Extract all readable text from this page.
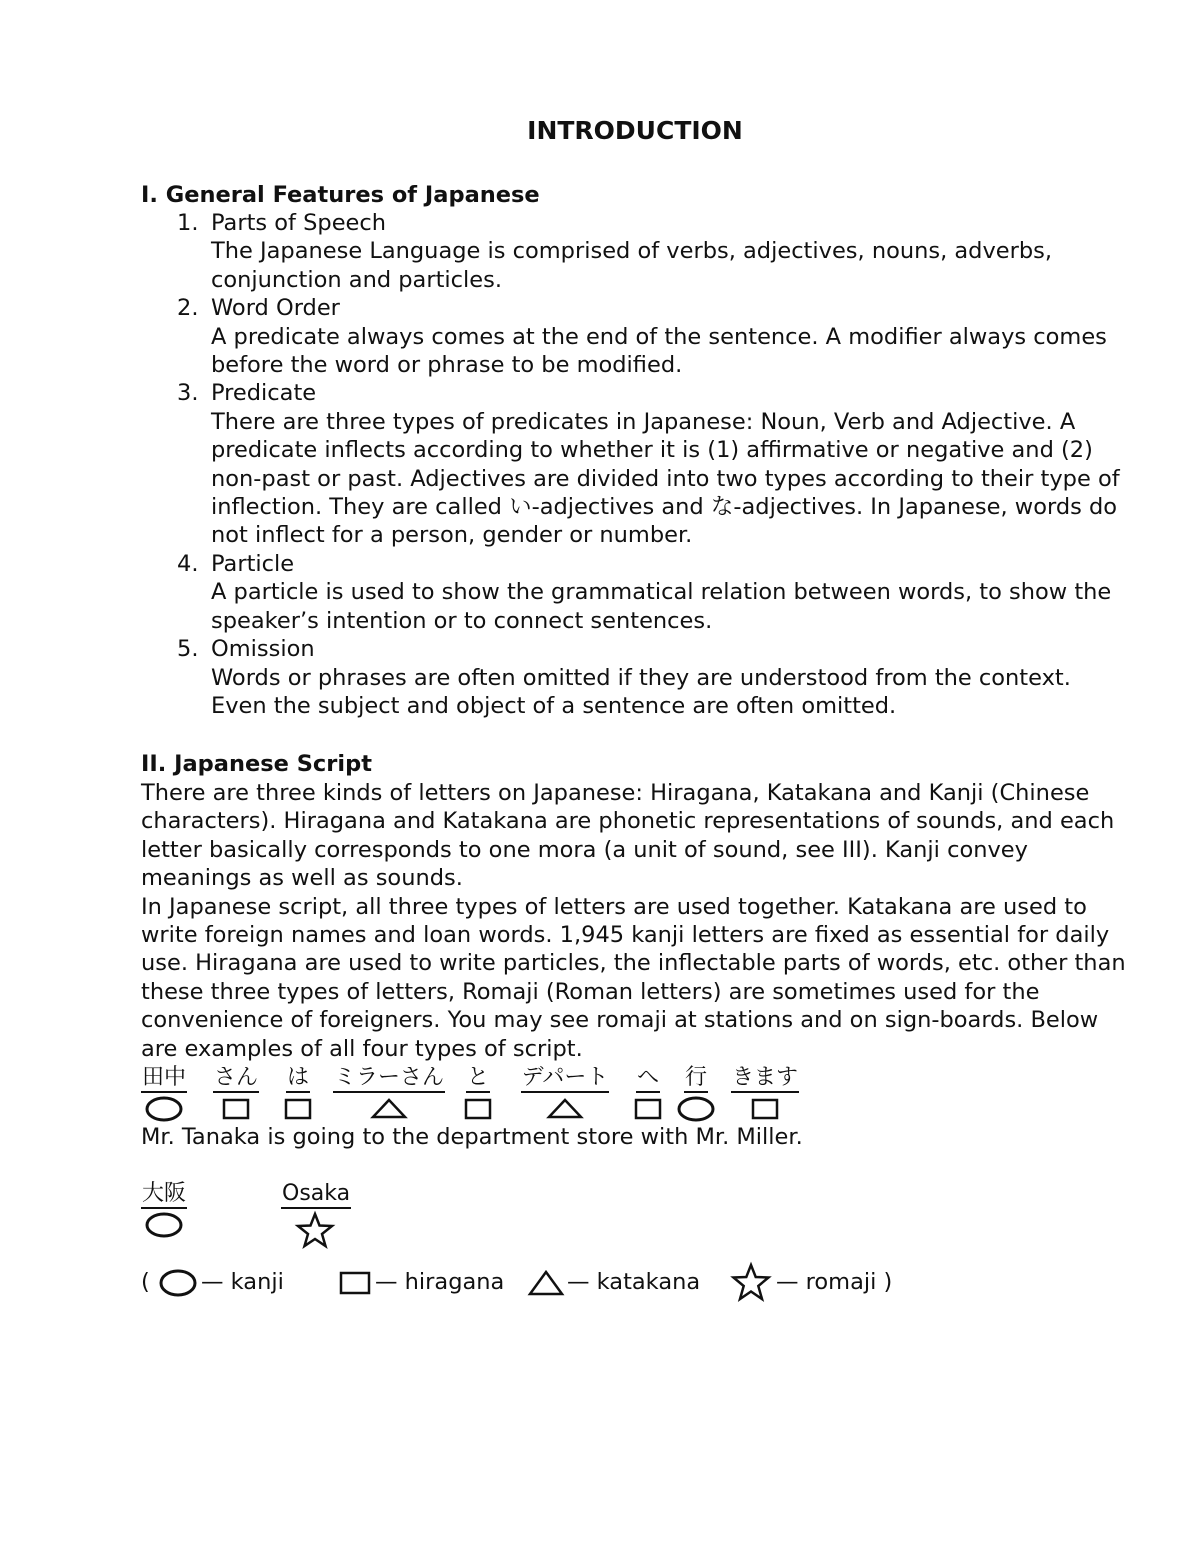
INTRODUCTION
I. General Features of Japanese
1. Parts of Speech
The Japanese Language is comprised of verbs, adjectives, nouns, adverbs, conjunction and particles.
2. Word Order
A predicate always comes at the end of the sentence. A modifier always comes before the word or phrase to be modified.
3. Predicate
There are three types of predicates in Japanese: Noun, Verb and Adjective. A predicate inflects according to whether it is (1) affirmative or negative and (2) non-past or past. Adjectives are divided into two types according to their type of inflection. They are called い-adjectives and な-adjectives. In Japanese, words do not inflect for a person, gender or number.
4. Particle
A particle is used to show the grammatical relation between words, to show the speaker’s intention or to connect sentences.
5. Omission
Words or phrases are often omitted if they are understood from the context. Even the subject and object of a sentence are often omitted.
II. Japanese Script

There are three kinds of letters on Japanese: Hiragana, Katakana and Kanji (Chinese characters). Hiragana and Katakana are phonetic representations of sounds, and each letter basically corresponds to one mora (a unit of sound, see III). Kanji convey meanings as well as sounds.

In Japanese script, all three types of letters are used together. Katakana are used to write foreign names and loan words. 1,945 kanji letters are fixed as essential for daily use. Hiragana are used to write particles, the inflectable parts of words, etc. other than these three types of letters, Romaji (Roman letters) are sometimes used for the convenience of foreigners. You may see romaji at stations and on sign-boards. Below are examples of all four types of script.

田中 さん は ミラーさん と デパート へ	行	きます
Mr. Tanaka is going to the department store with Mr. Miller.
大阪	Osaka
( — kanji	— hiragana	— katakana	— romaji )
